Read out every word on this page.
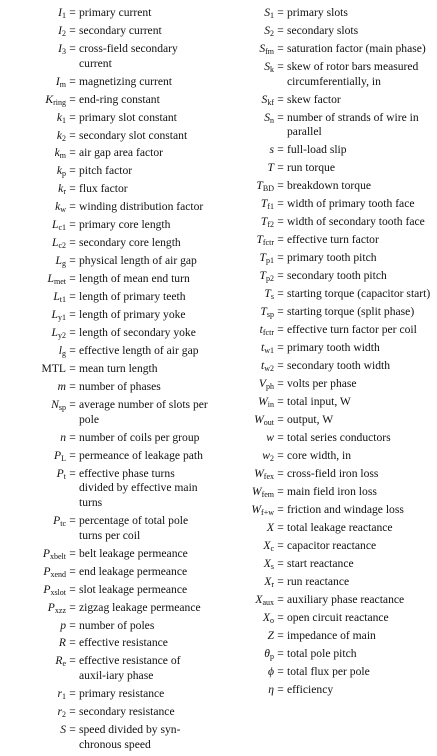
$I_1$ = primary current
$I_2$ = secondary current
$I_3$ = cross-field secondary current
$I_m$ = magnetizing current
$K_{ring}$ = end-ring constant
$k_1$ = primary slot constant
$k_2$ = secondary slot constant
$k_m$ = air gap area factor
$k_p$ = pitch factor
$k_r$ = flux factor
$k_w$ = winding distribution factor
$L_{c1}$ = primary core length
$L_{c2}$ = secondary core length
$L_g$ = physical length of air gap
$L_{met}$ = length of mean end turn
$L_{t1}$ = length of primary teeth
$L_{y1}$ = length of primary yoke
$L_{y2}$ = length of secondary yoke
$l_g$ = effective length of air gap
MTL = mean turn length
m = number of phases
$N_{sp}$ = average number of slots per pole
n = number of coils per group
$P_L$ = permeance of leakage path
$P_t$ = effective phase turns divided by effective main turns
$P_{tc}$ = percentage of total pole turns per coil
$P_{xbelt}$ = belt leakage permeance
$P_{xend}$ = end leakage permeance
$P_{xslot}$ = slot leakage permeance
$P_{xzz}$ = zigzag leakage permeance
p = number of poles
R = effective resistance
$R_e$ = effective resistance of auxil-iary phase
$r_1$ = primary resistance
$r_2$ = secondary resistance
S = speed divided by syn-chronous speed
$S_1$ = primary slots
$S_2$ = secondary slots
$S_{fm}$ = saturation factor (main phase)
$S_k$ = skew of rotor bars measured circumferentially, in
$S_{kf}$ = skew factor
$S_n$ = number of strands of wire in parallel
s = full-load slip
T = run torque
$T_{BD}$ = breakdown torque
$T_{f1}$ = width of primary tooth face
$T_{f2}$ = width of secondary tooth face
$T_{fctr}$ = effective turn factor
$T_{p1}$ = primary tooth pitch
$T_{p2}$ = secondary tooth pitch
$T_s$ = starting torque (capacitor start)
$T_{sp}$ = starting torque (split phase)
$t_{fctr}$ = effective turn factor per coil
$t_{w1}$ = primary tooth width
$t_{w2}$ = secondary tooth width
$V_{ph}$ = volts per phase
$W_{in}$ = total input, W
$W_{out}$ = output, W
w = total series conductors
$w_2$ = core width, in
$W_{fex}$ = cross-field iron loss
$W_{fem}$ = main field iron loss
$W_{f+w}$ = friction and windage loss
X = total leakage reactance
$X_c$ = capacitor reactance
$X_s$ = start reactance
$X_r$ = run reactance
$X_{aux}$ = auxiliary phase reactance
$X_o$ = open circuit reactance
Z = impedance of main
$\theta_p$ = total pole pitch
ϕ = total flux per pole
η = efficiency
